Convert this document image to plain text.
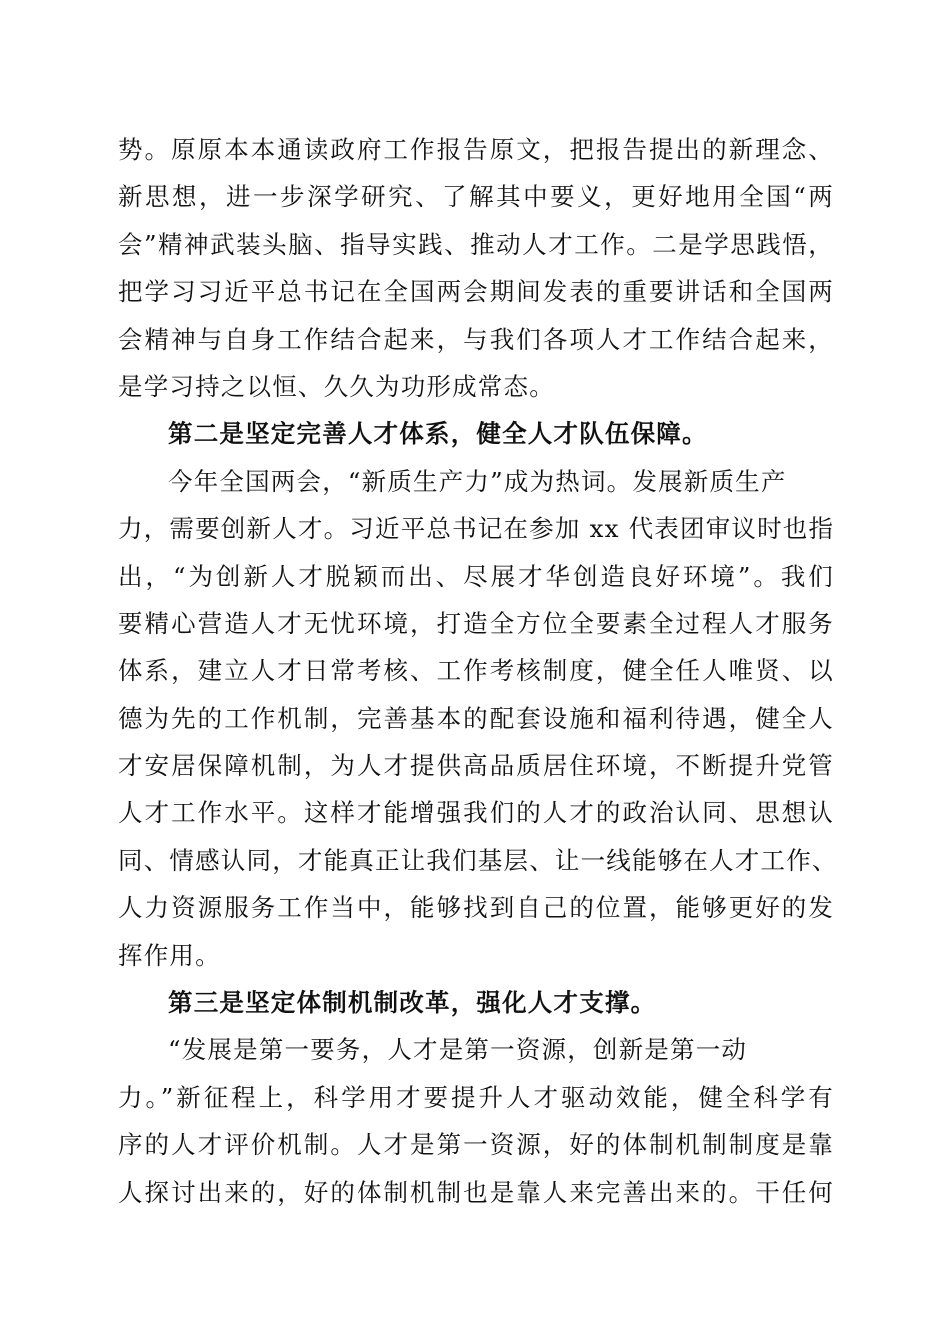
势。原原本本通读政府工作报告原文，把报告提出的新理念、
新思想，进一步深学研究、了解其中要义，更好地用全国“两
会”精神武装头脑、指导实践、推动人才工作。二是学思践悟，
把学习习近平总书记在全国两会期间发表的重要讲话和全国两
会精神与自身工作结合起来，与我们各项人才工作结合起来，
是学习持之以恒、久久为功形成常态。
第二是坚定完善人才体系，健全人才队伍保障。
今年全国两会，“新质生产力”成为热词。发展新质生产
力，需要创新人才。习近平总书记在参加 xx 代表团审议时也指
出，“为创新人才脱颖而出、尽展才华创造良好环境”。我们
要精心营造人才无忧环境，打造全方位全要素全过程人才服务
体系，建立人才日常考核、工作考核制度，健全任人唯贤、以
德为先的工作机制，完善基本的配套设施和福利待遇，健全人
才安居保障机制，为人才提供高品质居住环境，不断提升党管
人才工作水平。这样才能增强我们的人才的政治认同、思想认
同、情感认同，才能真正让我们基层、让一线能够在人才工作、
人力资源服务工作当中，能够找到自己的位置，能够更好的发
挥作用。
第三是坚定体制机制改革，强化人才支撑。
“发展是第一要务，人才是第一资源，创新是第一动
力。”新征程上，科学用才要提升人才驱动效能，健全科学有
序的人才评价机制。人才是第一资源，好的体制机制制度是靠
人探讨出来的，好的体制机制也是靠人来完善出来的。干任何
